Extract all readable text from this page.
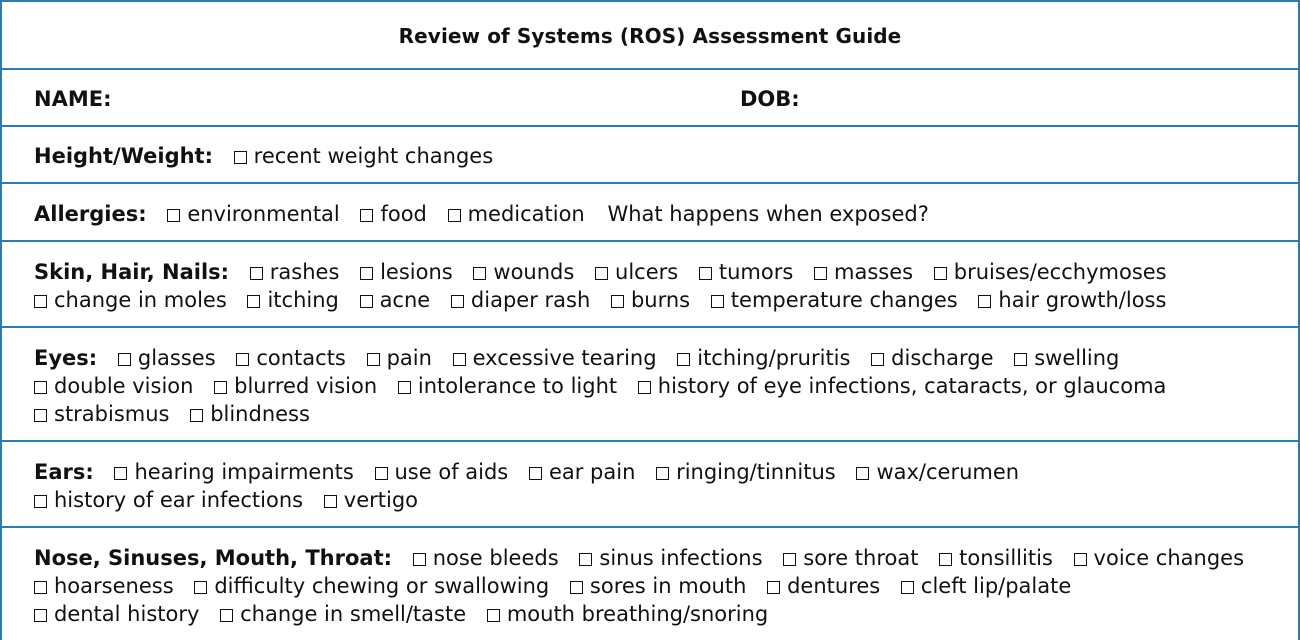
Review of Systems (ROS) Assessment Guide
NAME:	DOB:
Height/Weight: recent weight changes
Allergies: environmental food medication What happens when exposed?
Skin, Hair, Nails: rashes lesions wounds ulcers tumors masses bruises/ecchymoses
change in moles itching acne diaper rash burns temperature changes hair growth/loss
Eyes: glasses contacts pain excessive tearing itching/pruritis discharge swelling
double vision blurred vision intolerance to light history of eye infections, cataracts, or glaucoma
strabismus blindness
Ears: hearing impairments use of aids ear pain ringing/tinnitus wax/cerumen
history of ear infections vertigo
Nose, Sinuses, Mouth, Throat: nose bleeds sinus infections sore throat tonsillitis voice changes
hoarseness difficulty chewing or swallowing sores in mouth dentures cleft lip/palate
dental history change in smell/taste mouth breathing/snoring
